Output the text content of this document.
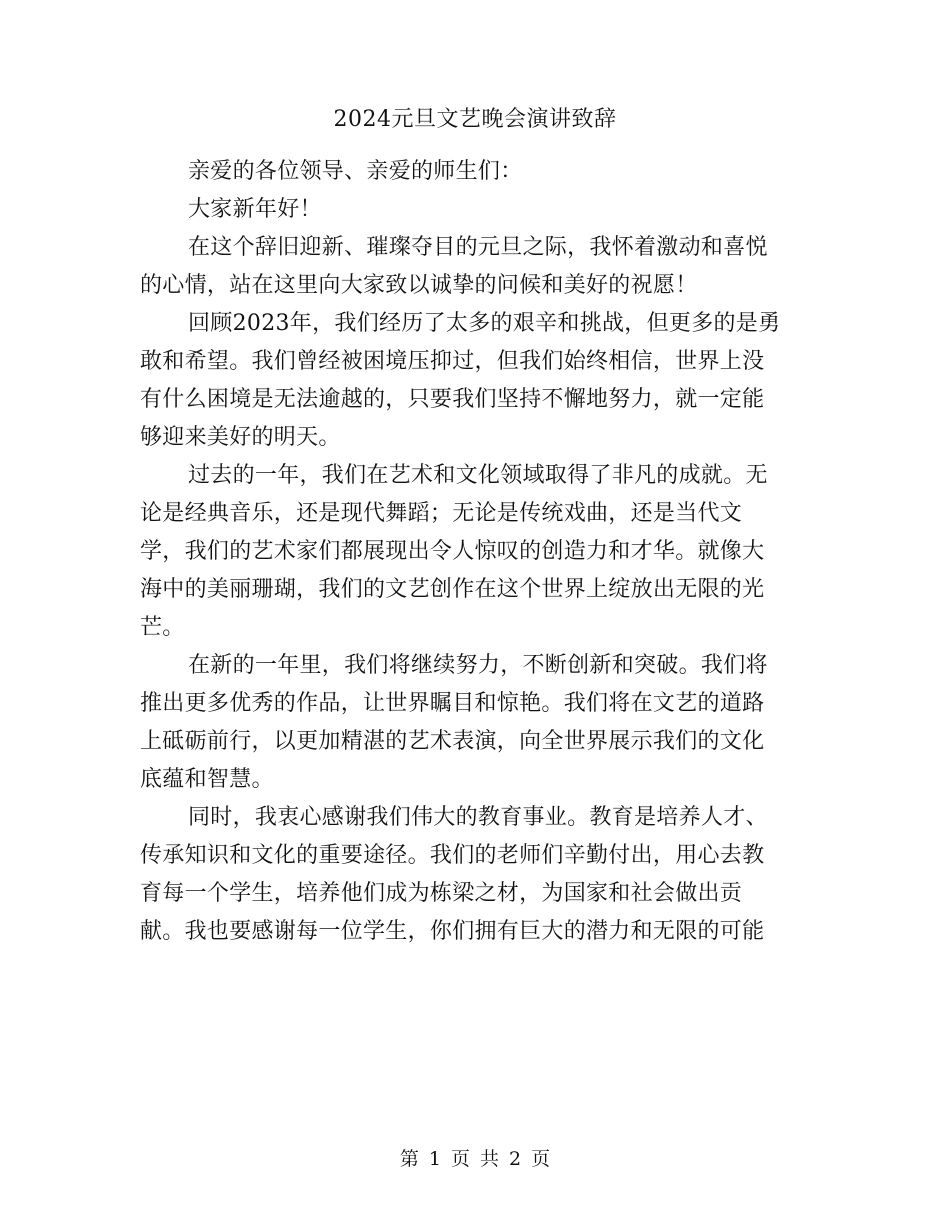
2024元旦文艺晚会演讲致辞
亲爱的各位领导、亲爱的师生们：
大家新年好！
在这个辞旧迎新、璀璨夺目的元旦之际，我怀着激动和喜悦
的心情，站在这里向大家致以诚挚的问候和美好的祝愿！
回顾2023年，我们经历了太多的艰辛和挑战，但更多的是勇
敢和希望。我们曾经被困境压抑过，但我们始终相信，世界上没
有什么困境是无法逾越的，只要我们坚持不懈地努力，就一定能
够迎来美好的明天。
过去的一年，我们在艺术和文化领域取得了非凡的成就。无
论是经典音乐，还是现代舞蹈；无论是传统戏曲，还是当代文
学，我们的艺术家们都展现出令人惊叹的创造力和才华。就像大
海中的美丽珊瑚，我们的文艺创作在这个世界上绽放出无限的光
芒。
在新的一年里，我们将继续努力，不断创新和突破。我们将
推出更多优秀的作品，让世界瞩目和惊艳。我们将在文艺的道路
上砥砺前行，以更加精湛的艺术表演，向全世界展示我们的文化
底蕴和智慧。
同时，我衷心感谢我们伟大的教育事业。教育是培养人才、
传承知识和文化的重要途径。我们的老师们辛勤付出，用心去教
育每一个学生，培养他们成为栋梁之材，为国家和社会做出贡
献。我也要感谢每一位学生，你们拥有巨大的潜力和无限的可能
第 1 页 共 2 页
